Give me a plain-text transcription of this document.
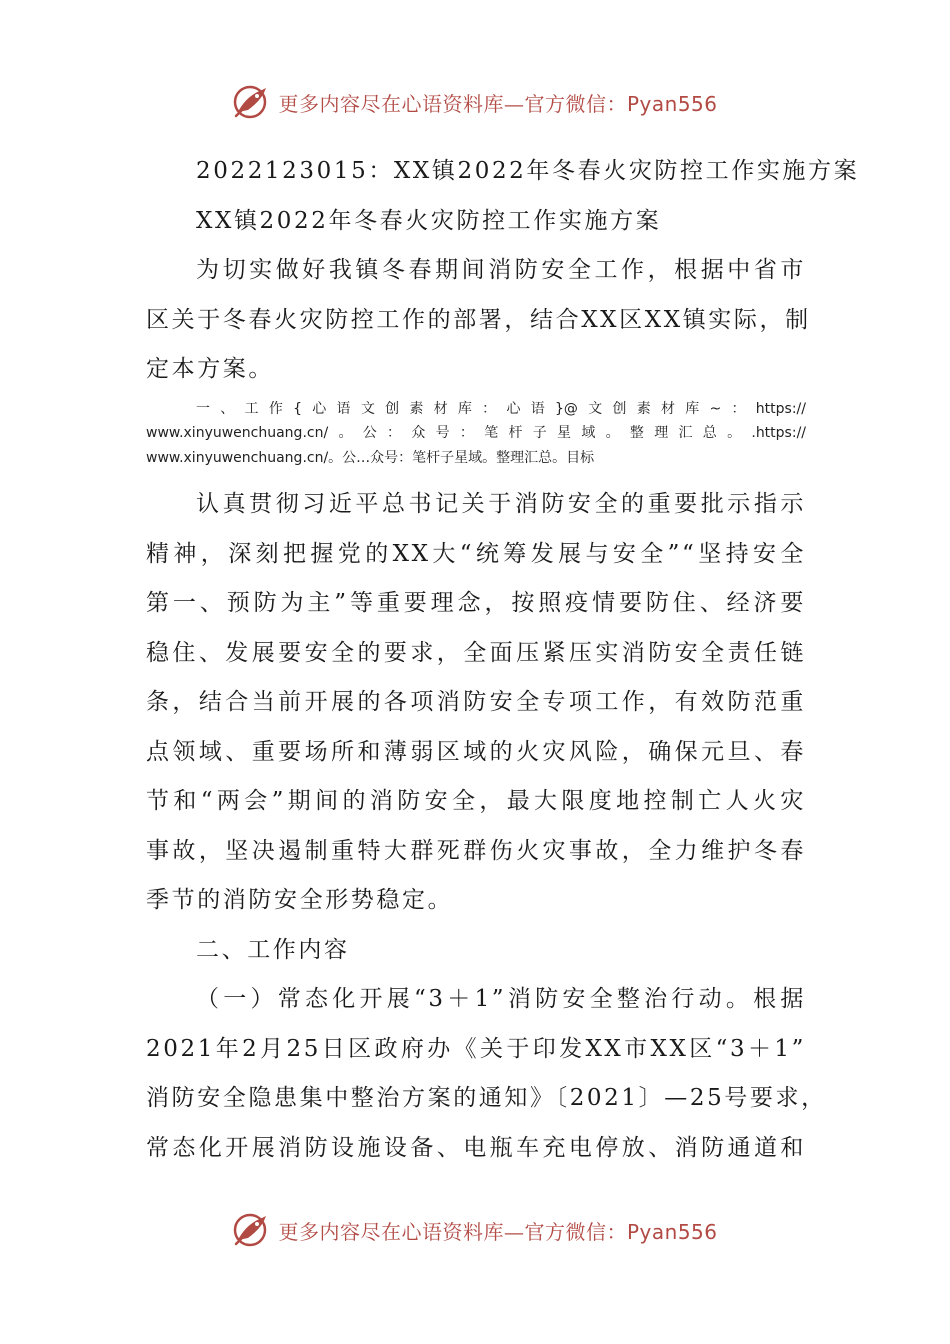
更多内容尽在心语资料库—官方微信：Pyan556
2022123015：XX镇2022年冬春火灾防控工作实施方案
XX镇2022年冬春火灾防控工作实施方案
为切实做好我镇冬春期间消防安全工作，根据中省市
区关于冬春火灾防控工作的部署，结合XX区XX镇实际，制
定本方案。
一、工作{心语文创素材库：心语}@文创素材库~：https://
www.xinyuwenchuang.cn/。公：众号：笔杆子星域。整理汇总。.https://
www.xinyuwenchuang.cn/。公…众号：笔杆子星域。整理汇总。目标
认真贯彻习近平总书记关于消防安全的重要批示指示
精神，深刻把握党的XX大“统筹发展与安全”“坚持安全
第一、预防为主”等重要理念，按照疫情要防住、经济要
稳住、发展要安全的要求，全面压紧压实消防安全责任链
条，结合当前开展的各项消防安全专项工作，有效防范重
点领域、重要场所和薄弱区域的火灾风险，确保元旦、春
节和“两会”期间的消防安全，最大限度地控制亡人火灾
事故，坚决遏制重特大群死群伤火灾事故，全力维护冬春
季节的消防安全形势稳定。
二、工作内容
（一）常态化开展“3＋1”消防安全整治行动。根据
2021年2月25日区政府办《关于印发XX市XX区“3＋1”
消防安全隐患集中整治方案的通知》〔2021〕—25号要求，
常态化开展消防设施设备、电瓶车充电停放、消防通道和
更多内容尽在心语资料库—官方微信：Pyan556
